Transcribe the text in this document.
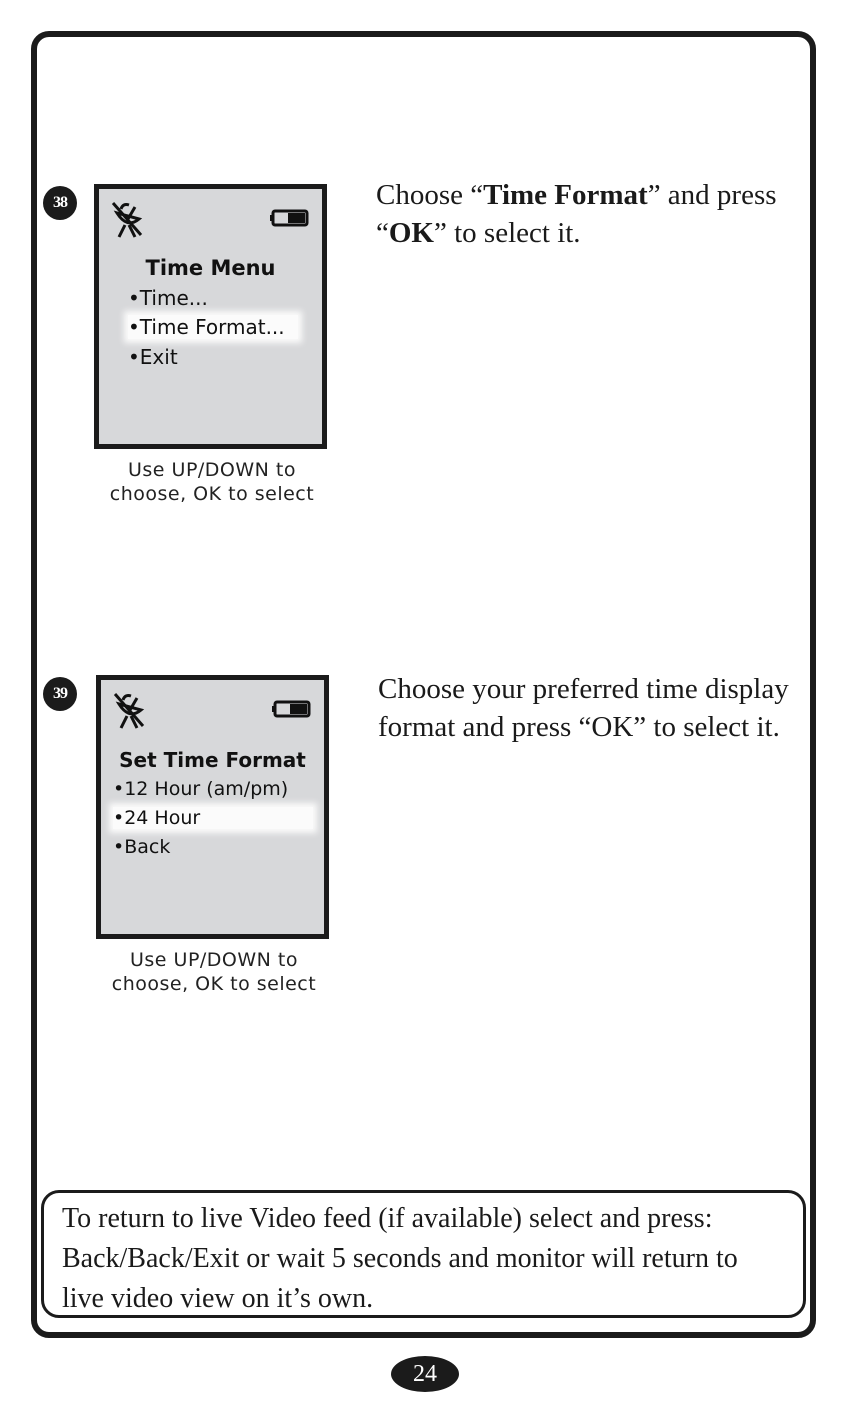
38
Time Menu
•Time...
•Time Format...
•Exit
Use UP/DOWN to
choose, OK to select
Choose “Time Format” and press “OK” to select it.
39
Set Time Format
•12 Hour (am/pm)
•24 Hour
•Back
Use UP/DOWN to
choose, OK to select
Choose your preferred time display format and press “OK” to select it.
To return to live Video feed (if available) select and press: Back/Back/Exit or wait 5 seconds and monitor will return to live video view on it’s own.
24
